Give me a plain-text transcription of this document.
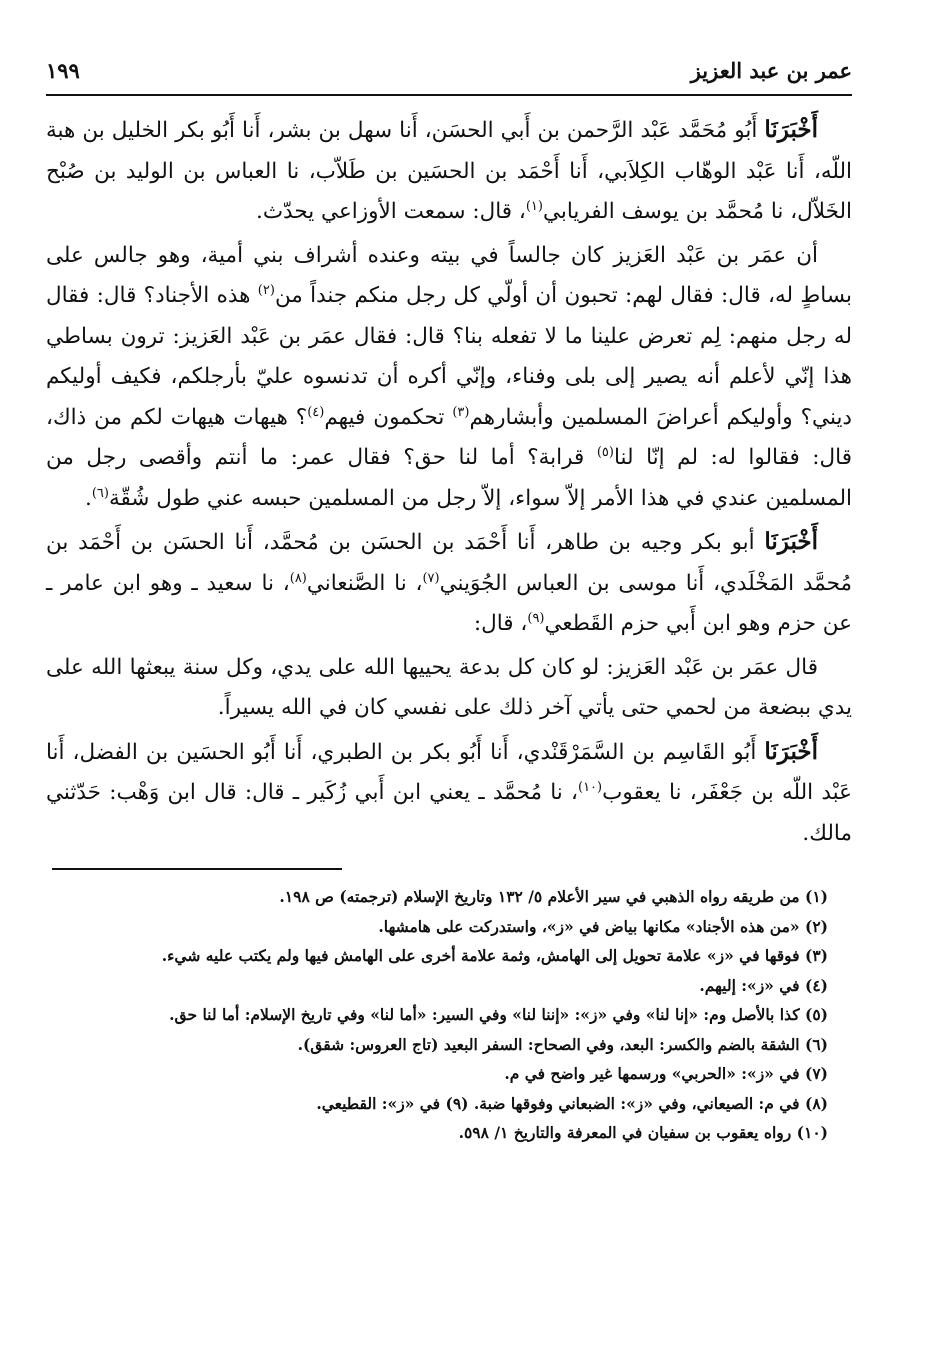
عمر بن عبد العزيز
١٩٩

أَخْبَرَنَا أَبُو مُحَمَّد عَبْد الرَّحمن بن أَبي الحسَن، أَنا سهل بن بشر، أَنا أَبُو بكر الخليل بن هبة اللّه، أَنا عَبْد الوهّاب الكِلاَبي، أَنا أَحْمَد بن الحسَين بن طَلاّب، نا العباس بن الوليد بن صُبْح الخَلاّل، نا مُحمَّد بن يوسف الفريابي$^{(١)}$، قال: سمعت الأوزاعي يحدّث.

أن عمَر بن عَبْد العَزيز كان جالساً في بيته وعنده أشراف بني أمية، وهو جالس على بساطٍ له، قال: فقال لهم: تحبون أن أولّي كل رجل منكم جنداً من$^{(٢)}$ هذه الأجناد؟ قال: فقال له رجل منهم: لِم تعرض علينا ما لا تفعله بنا؟ قال: فقال عمَر بن عَبْد العَزيز: ترون بساطي هذا إنّي لأعلم أنه يصير إلى بلى وفناء، وإنّي أكره أن تدنسوه عليّ بأرجلكم، فكيف أوليكم ديني؟ وأوليكم أعراضَ المسلمين وأبشارهم$^{(٣)}$ تحكمون فيهم$^{(٤)}$؟ هيهات هيهات لكم من ذاك، قال: فقالوا له: لم إنّا لنا$^{(٥)}$ قرابة؟ أما لنا حق؟ فقال عمر: ما أنتم وأقصى رجل من المسلمين عندي في هذا الأمر إلاّ سواء، إلاّ رجل من المسلمين حبسه عني طول شُقّة$^{(٦)}$.

أَخْبَرَنَا أبو بكر وجيه بن طاهر، أَنا أَحْمَد بن الحسَن بن مُحمَّد، أَنا الحسَن بن أَحْمَد بن مُحمَّد المَخْلَدي، أَنا موسى بن العباس الجُوَيني$^{(٧)}$، نا الصَّنعاني$^{(٨)}$، نا سعيد ـ وهو ابن عامر ـ عن حزم وهو ابن أَبي حزم القَطعي$^{(٩)}$، قال:

قال عمَر بن عَبْد العَزيز: لو كان كل بدعة يحييها الله على يدي، وكل سنة يبعثها الله على يدي ببضعة من لحمي حتى يأتي آخر ذلك على نفسي كان في الله يسيراً.

أَخْبَرَنَا أَبُو القَاسِم بن السَّمَرْقَنْدي، أَنا أَبُو بكر بن الطبري، أَنا أَبُو الحسَين بن الفضل، أَنا عَبْد اللّه بن جَعْفَر، نا يعقوب$^{(١٠)}$، نا مُحمَّد ـ يعني ابن أَبي زُكَير ـ قال: قال ابن وَهْب: حَدّثني مالك.

(١) من طريقه رواه الذهبي في سير الأعلام ٥/ ١٣٢ وتاريخ الإسلام (ترجمته) ص ١٩٨.
(٢) «من هذه الأجناد» مكانها بياض في «ز»، واستدركت على هامشها.
(٣) فوقها في «ز» علامة تحويل إلى الهامش، وثمة علامة أخرى على الهامش فيها ولم يكتب عليه شيء.
(٤) في «ز»: إليهم.
(٥) كذا بالأصل وم: «إنا لنا» وفي «ز»: «إننا لنا» وفي السير: «أما لنا» وفي تاريخ الإسلام: أما لنا حق.
(٦) الشقة بالضم والكسر: البعد، وفي الصحاح: السفر البعيد (تاج العروس: شقق).
(٧) في «ز»: «الحربي» ورسمها غير واضح في م.
(٨) في م: الصيعاني، وفي «ز»: الضبعاني وفوقها ضبة. (٩) في «ز»: القطيعي.
(١٠) رواه يعقوب بن سفيان في المعرفة والتاريخ ١/ ٥٩٨.
